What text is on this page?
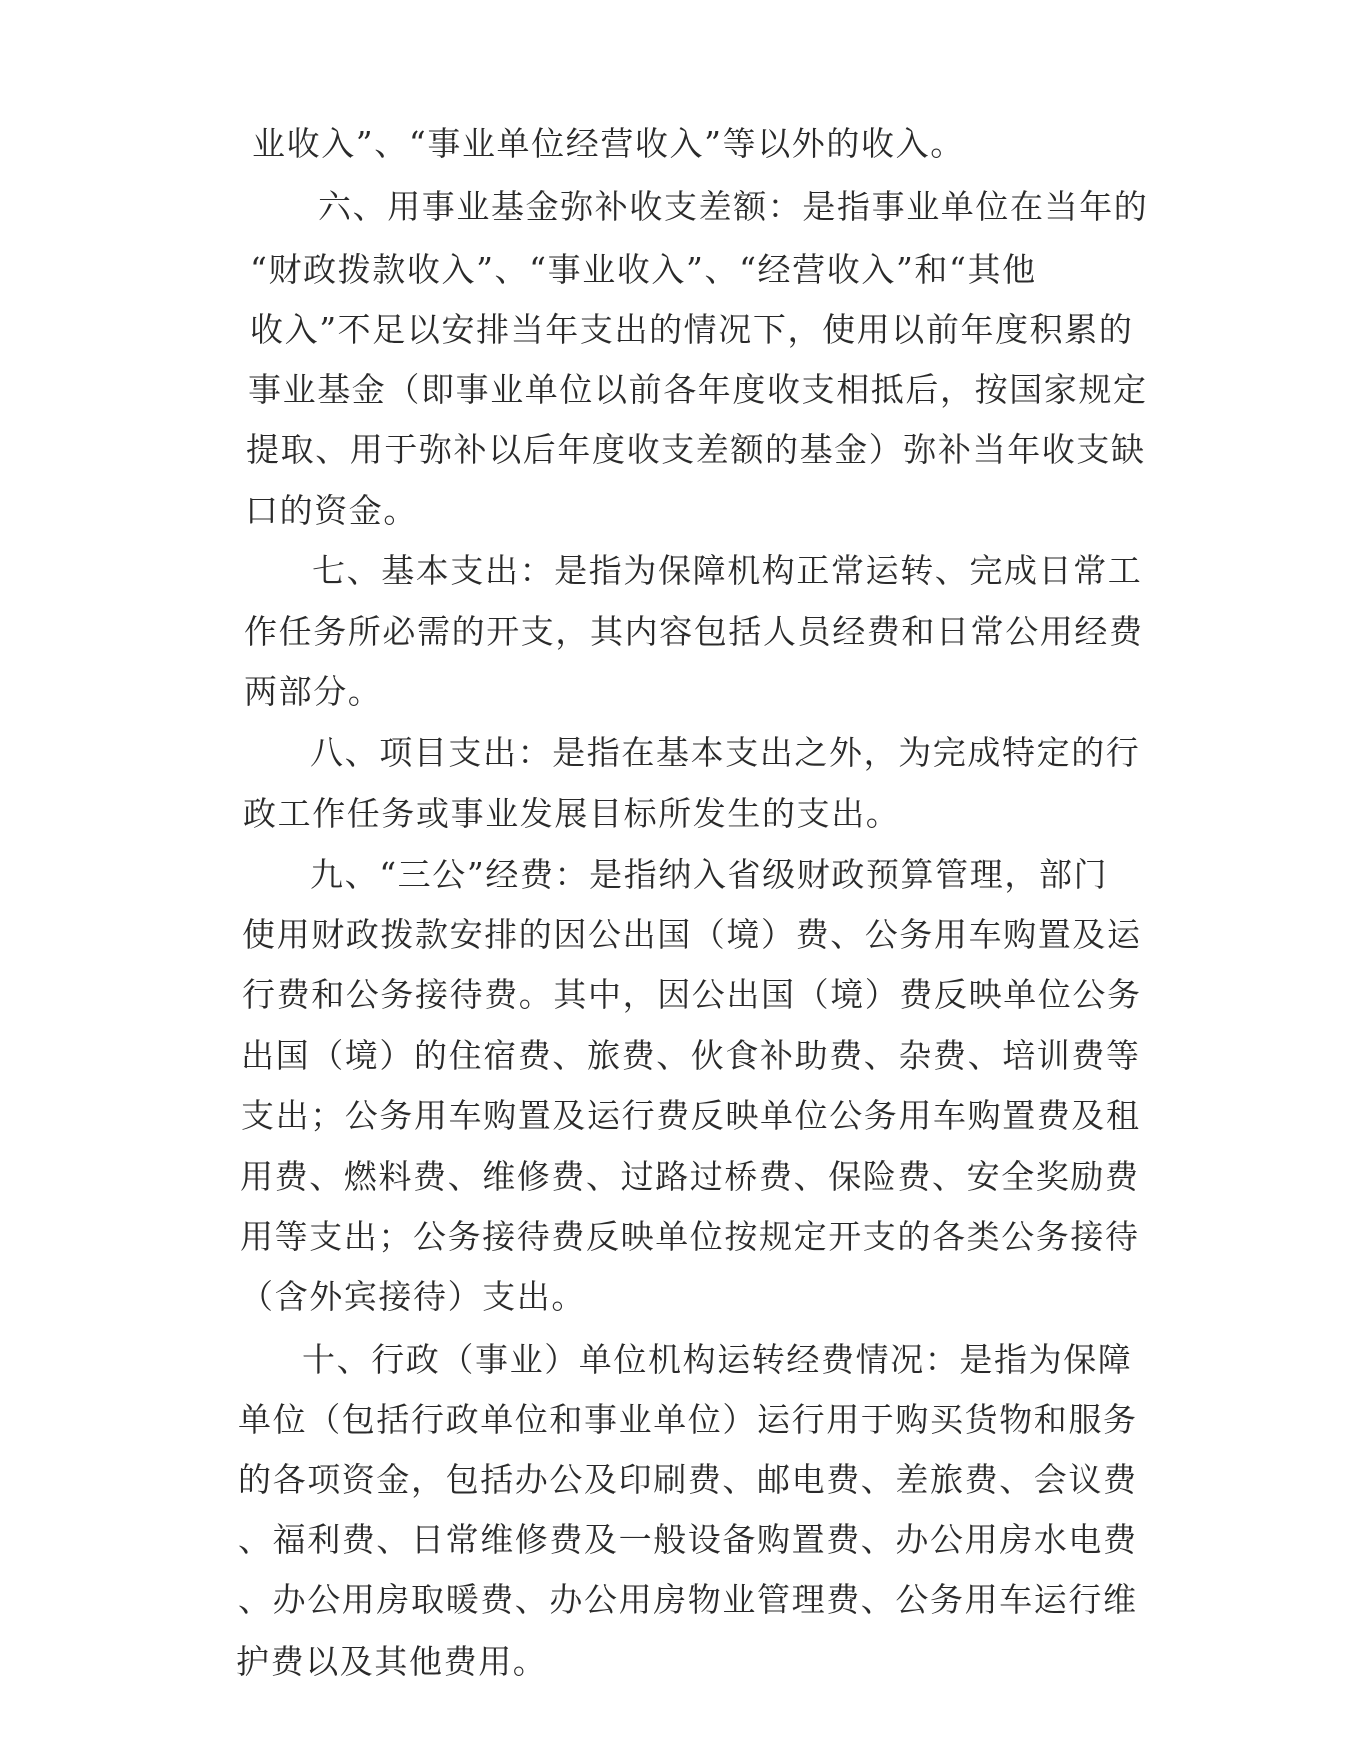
业收入”、“事业单位经营收入”等以外的收入。
六、用事业基金弥补收支差额：是指事业单位在当年的
“财政拨款收入”、“事业收入”、“经营收入”和“其他
收入”不足以安排当年支出的情况下，使用以前年度积累的
事业基金（即事业单位以前各年度收支相抵后，按国家规定
提取、用于弥补以后年度收支差额的基金）弥补当年收支缺
口的资金。
七、基本支出：是指为保障机构正常运转、完成日常工
作任务所必需的开支，其内容包括人员经费和日常公用经费
两部分。
八、项目支出：是指在基本支出之外，为完成特定的行
政工作任务或事业发展目标所发生的支出。
九、“三公”经费：是指纳入省级财政预算管理，部门
使用财政拨款安排的因公出国（境）费、公务用车购置及运
行费和公务接待费。其中，因公出国（境）费反映单位公务
出国（境）的住宿费、旅费、伙食补助费、杂费、培训费等
支出；公务用车购置及运行费反映单位公务用车购置费及租
用费、燃料费、维修费、过路过桥费、保险费、安全奖励费
用等支出；公务接待费反映单位按规定开支的各类公务接待
（含外宾接待）支出。
十、行政（事业）单位机构运转经费情况：是指为保障
单位（包括行政单位和事业单位）运行用于购买货物和服务
的各项资金，包括办公及印刷费、邮电费、差旅费、会议费
、福利费、日常维修费及一般设备购置费、办公用房水电费
、办公用房取暖费、办公用房物业管理费、公务用车运行维
护费以及其他费用。
